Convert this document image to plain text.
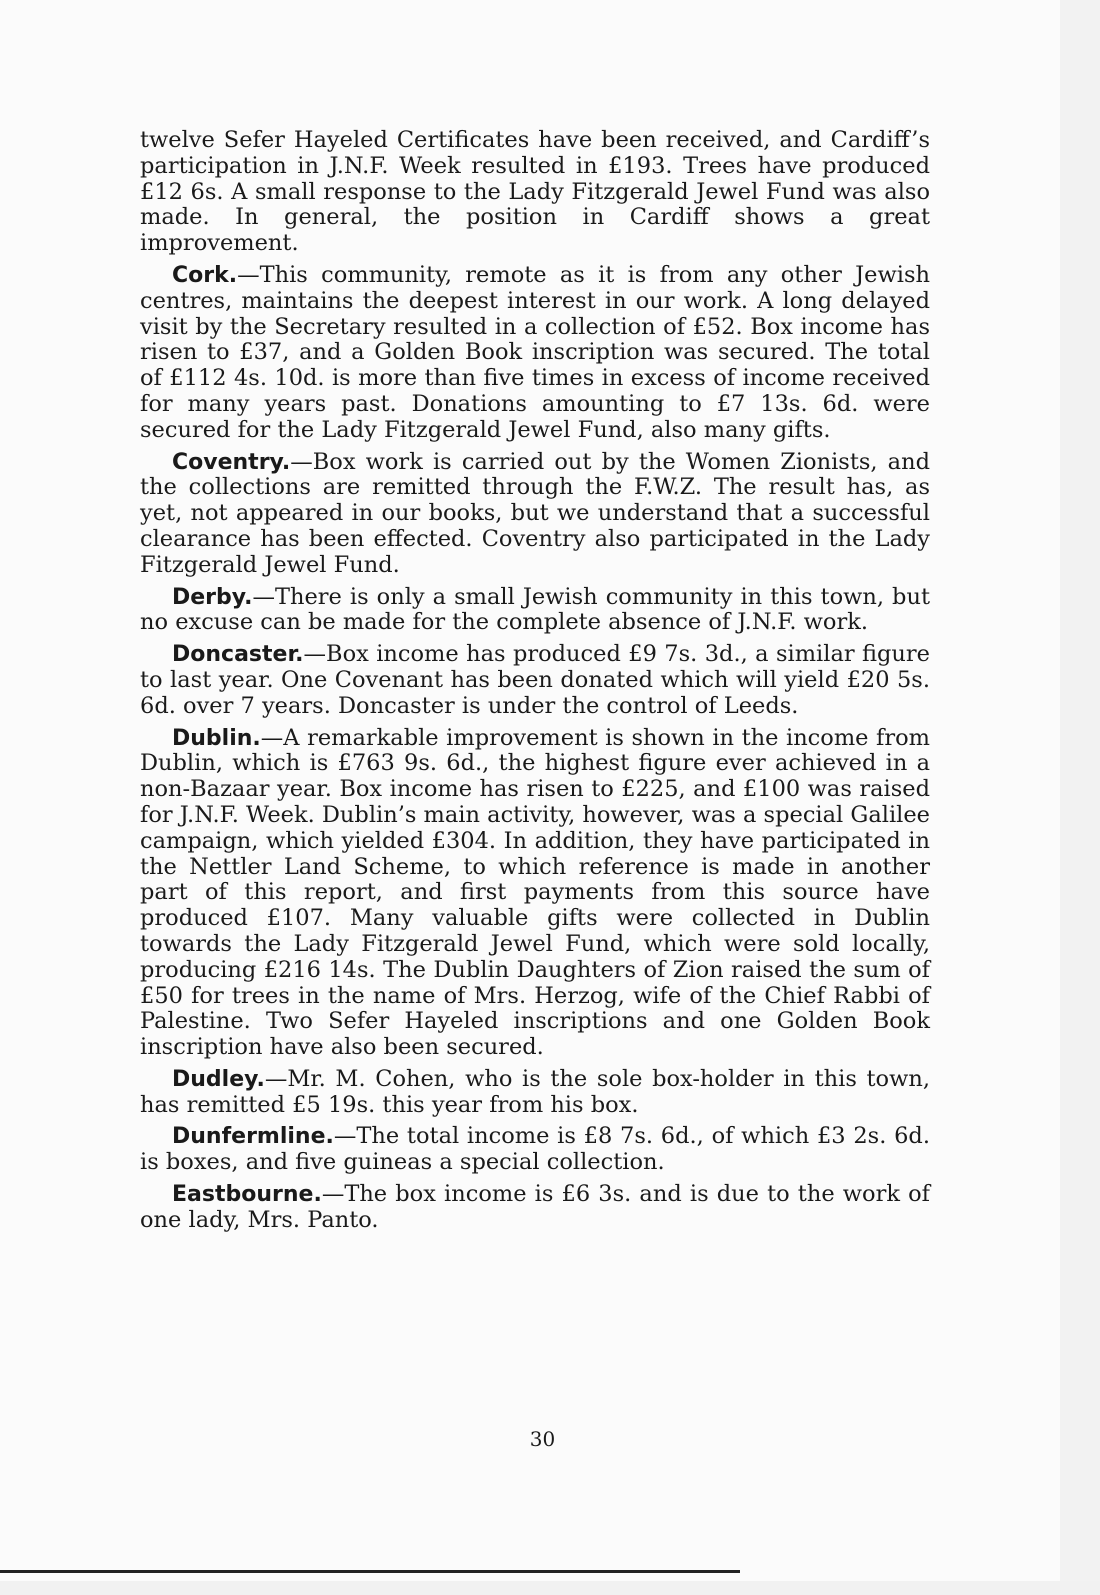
twelve Sefer Hayeled Certificates have been received, and Cardiff’s participation in J.N.F. Week resulted in £193. Trees have produced £12 6s. A small response to the Lady Fitzgerald Jewel Fund was also made. In general, the position in Cardiff shows a great improvement.

Cork.—This community, remote as it is from any other Jewish centres, maintains the deepest interest in our work. A long delayed visit by the Secretary resulted in a collection of £52. Box income has risen to £37, and a Golden Book inscription was secured. The total of £112 4s. 10d. is more than five times in excess of income received for many years past. Donations amounting to £7 13s. 6d. were secured for the Lady Fitzgerald Jewel Fund, also many gifts.

Coventry.—Box work is carried out by the Women Zionists, and the collections are remitted through the F.W.Z. The result has, as yet, not appeared in our books, but we understand that a successful clearance has been effected. Coventry also participated in the Lady Fitzgerald Jewel Fund.

Derby.—There is only a small Jewish community in this town, but no excuse can be made for the complete absence of J.N.F. work.

Doncaster.—Box income has produced £9 7s. 3d., a similar figure to last year. One Covenant has been donated which will yield £20 5s. 6d. over 7 years. Doncaster is under the control of Leeds.

Dublin.—A remarkable improvement is shown in the income from Dublin, which is £763 9s. 6d., the highest figure ever achieved in a non-Bazaar year. Box income has risen to £225, and £100 was raised for J.N.F. Week. Dublin’s main activity, however, was a special Galilee campaign, which yielded £304. In addition, they have participated in the Nettler Land Scheme, to which reference is made in another part of this report, and first payments from this source have produced £107. Many valuable gifts were collected in Dublin towards the Lady Fitzgerald Jewel Fund, which were sold locally, producing £216 14s. The Dublin Daughters of Zion raised the sum of £50 for trees in the name of Mrs. Herzog, wife of the Chief Rabbi of Palestine. Two Sefer Hayeled inscriptions and one Golden Book inscription have also been secured.

Dudley.—Mr. M. Cohen, who is the sole box-holder in this town, has remitted £5 19s. this year from his box.

Dunfermline.—The total income is £8 7s. 6d., of which £3 2s. 6d. is boxes, and five guineas a special collection.

Eastbourne.—The box income is £6 3s. and is due to the work of one lady, Mrs. Panto.

30
